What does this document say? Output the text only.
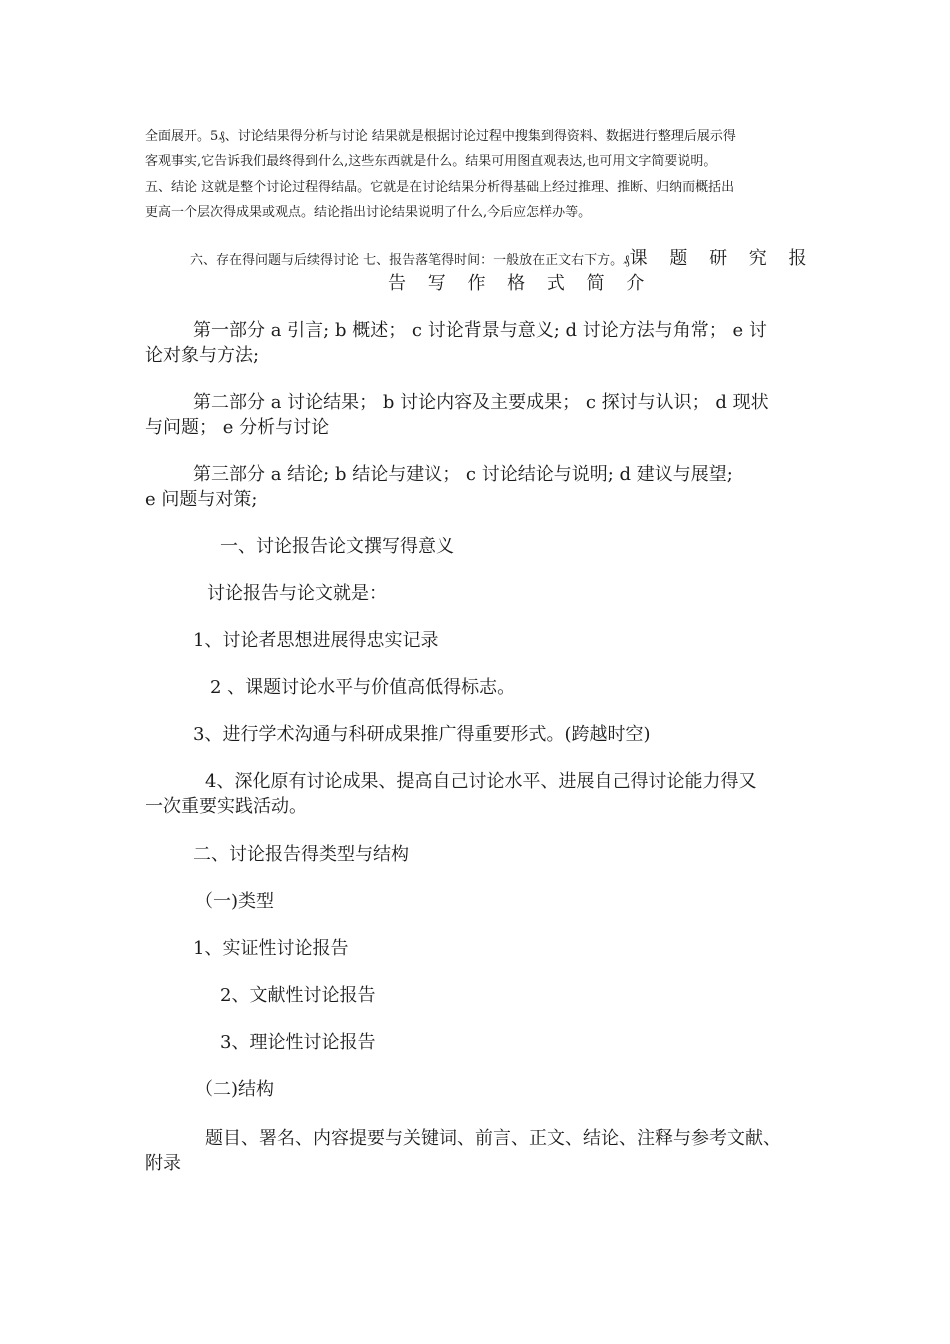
全面展开。5₰、讨论结果得分析与讨论 结果就是根据讨论过程中搜集到得资料、数据进行整理后展示得
客观事实,它告诉我们最终得到什么,这些东西就是什么。结果可用图直观表达,也可用文字简要说明。
五、结论 这就是整个讨论过程得结晶。它就是在讨论结果分析得基础上经过推理、推断、归纳而概括出
更高一个层次得成果或观点。结论指出讨论结果说明了什么,今后应怎样办等。
六、存在得问题与后续得讨论 七、报告落笔得时间：一般放在正文右下方。₰课 题 研 究 报
告 写 作 格 式 简 介
第一部分 a 引言; b 概述； c 讨论背景与意义; d 讨论方法与角常； e 讨
论对象与方法;
第二部分 a 讨论结果； b 讨论内容及主要成果； c 探讨与认识； d 现状
与问题； e 分析与讨论
第三部分 a 结论; b 结论与建议； c 讨论结论与说明; d 建议与展望;
e 问题与对策;
一、讨论报告论文撰写得意义
讨论报告与论文就是：
1、讨论者思想进展得忠实记录
2 、课题讨论水平与价值高低得标志。
3、进行学术沟通与科研成果推广得重要形式。(跨越时空)
4、深化原有讨论成果、提高自己讨论水平、进展自己得讨论能力得又
一次重要实践活动。
二、讨论报告得类型与结构
（一)类型
1、实证性讨论报告
2、文献性讨论报告
3、理论性讨论报告
（二)结构
题目、署名、内容提要与关键词、前言、正文、结论、注释与参考文献、
附录
